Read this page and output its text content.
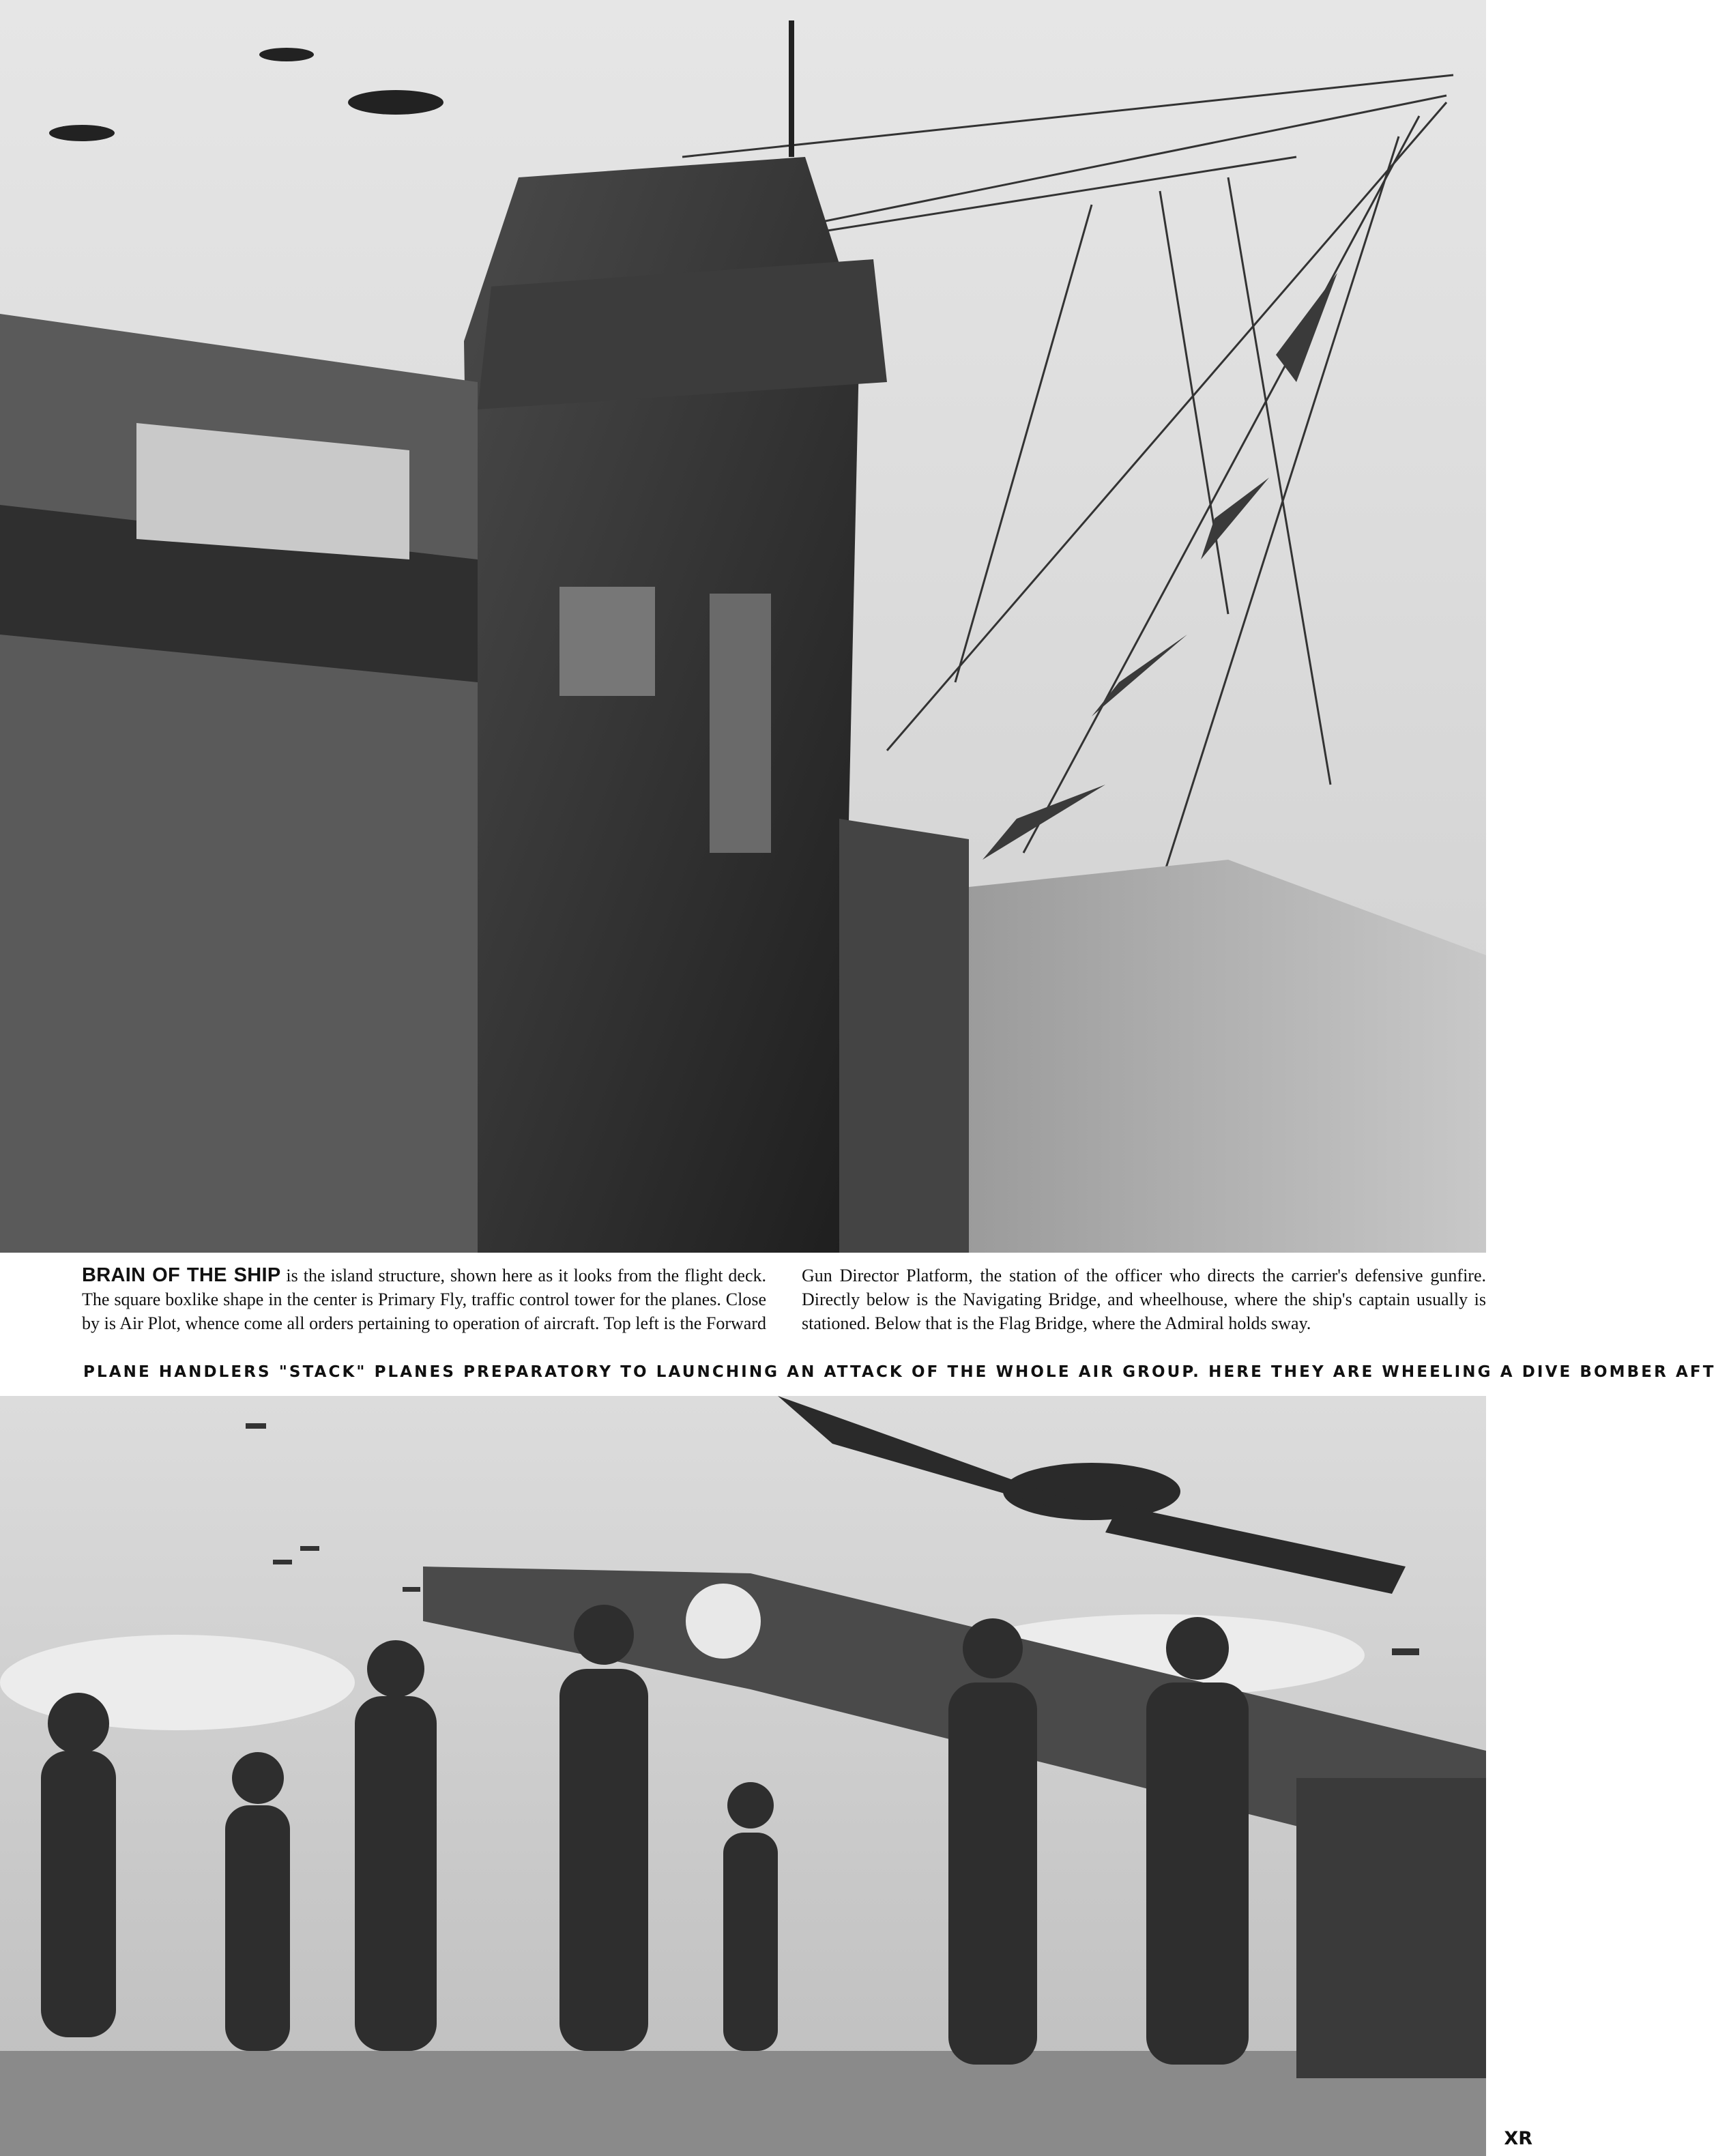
BRAIN OF THE SHIP is the island structure, shown here as it looks from the flight deck. The square boxlike shape in the center is Primary Fly, traffic control tower for the planes. Close by is Air Plot, whence come all orders pertaining to operation of aircraft. Top left is the Forward Gun Director Platform, the station of the officer who directs the carrier's defensive gunfire. Directly below is the Navigating Bridge, and wheelhouse, where the ship's captain usually is stationed. Below that is the Flag Bridge, where the Admiral holds sway.
PLANE HANDLERS "STACK" PLANES PREPARATORY TO LAUNCHING AN ATTACK OF THE WHOLE AIR GROUP. HERE THEY ARE WHEELING A DIVE BOMBER AFT
XR
